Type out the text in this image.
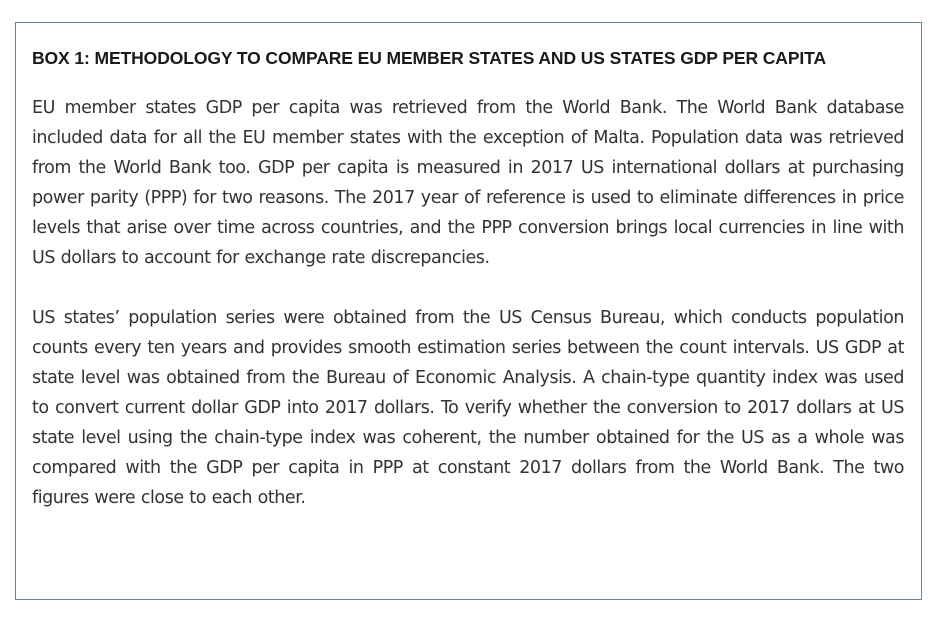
BOX 1: METHODOLOGY TO COMPARE EU MEMBER STATES AND US STATES GDP PER CAPITA

EU member states GDP per capita was retrieved from the World Bank. The World Bank database included data for all the EU member states with the exception of Malta. Population data was retrieved from the World Bank too. GDP per capita is measured in 2017 US international dollars at purchasing power parity (PPP) for two reasons. The 2017 year of reference is used to eliminate differences in price levels that arise over time across countries, and the PPP conversion brings local currencies in line with US dollars to account for exchange rate discrepancies.

US states’ population series were obtained from the US Census Bureau, which conducts population counts every ten years and provides smooth estimation series between the count intervals. US GDP at state level was obtained from the Bureau of Economic Analysis. A chain-type quantity index was used to convert current dollar GDP into 2017 dollars. To verify whether the conversion to 2017 dollars at US state level using the chain-type index was coherent, the number obtained for the US as a whole was compared with the GDP per capita in PPP at constant 2017 dollars from the World Bank. The two figures were close to each other.
